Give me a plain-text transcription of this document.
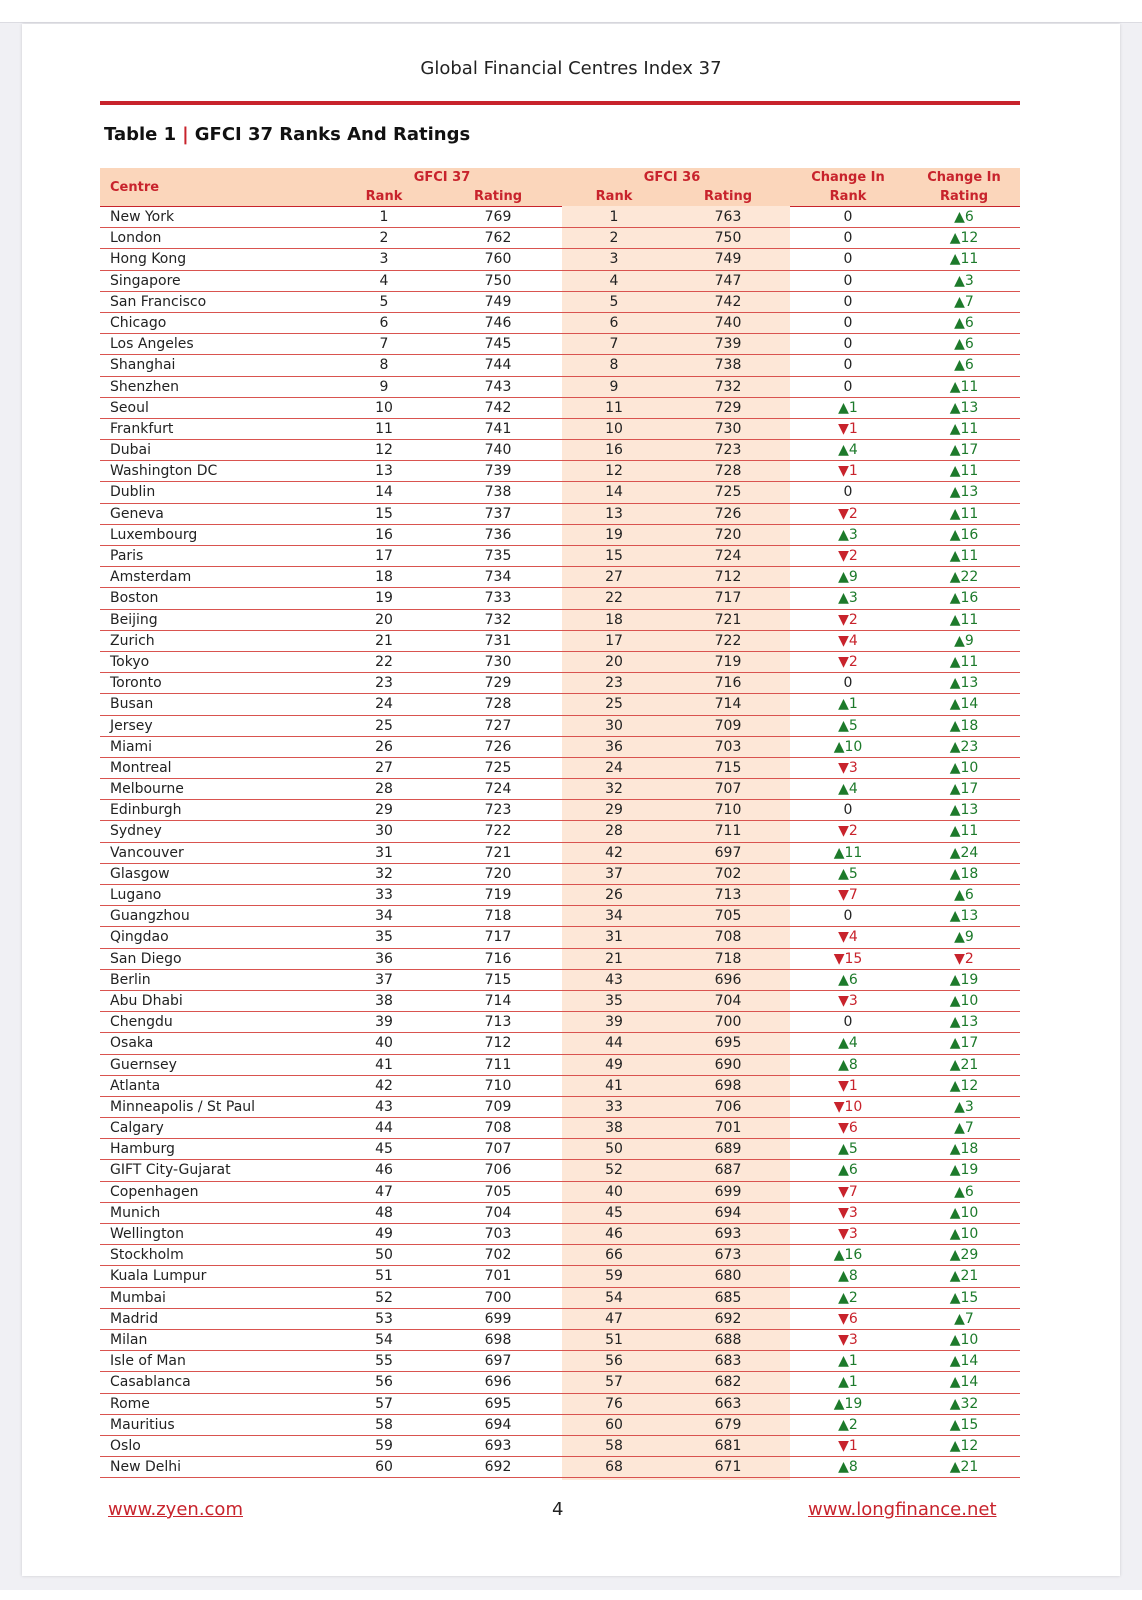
Global Financial Centres Index 37
Table 1 | GFCI 37 Ranks And Ratings
Centre
GFCI 37	GFCI 36	Change In	Change In
Rank	Rating	Rank	Rating	Rank	Rating
New York	1	769	1	763	0	▲6
London	2	762	2	750	0	▲12
Hong Kong	3	760	3	749	0	▲11
Singapore	4	750	4	747	0	▲3
San Francisco	5	749	5	742	0	▲7
Chicago	6	746	6	740	0	▲6
Los Angeles	7	745	7	739	0	▲6
Shanghai	8	744	8	738	0	▲6
Shenzhen	9	743	9	732	0	▲11
Seoul	10	742	11	729	▲1	▲13
Frankfurt	11	741	10	730	▼1	▲11
Dubai	12	740	16	723	▲4	▲17
Washington DC	13	739	12	728	▼1	▲11
Dublin	14	738	14	725	0	▲13
Geneva	15	737	13	726	▼2	▲11
Luxembourg	16	736	19	720	▲3	▲16
Paris	17	735	15	724	▼2	▲11
Amsterdam	18	734	27	712	▲9	▲22
Boston	19	733	22	717	▲3	▲16
Beijing	20	732	18	721	▼2	▲11
Zurich	21	731	17	722	▼4	▲9
Tokyo	22	730	20	719	▼2	▲11
Toronto	23	729	23	716	0	▲13
Busan	24	728	25	714	▲1	▲14
Jersey	25	727	30	709	▲5	▲18
Miami	26	726	36	703	▲10	▲23
Montreal	27	725	24	715	▼3	▲10
Melbourne	28	724	32	707	▲4	▲17
Edinburgh	29	723	29	710	0	▲13
Sydney	30	722	28	711	▼2	▲11
Vancouver	31	721	42	697	▲11	▲24
Glasgow	32	720	37	702	▲5	▲18
Lugano	33	719	26	713	▼7	▲6
Guangzhou	34	718	34	705	0	▲13
Qingdao	35	717	31	708	▼4	▲9
San Diego	36	716	21	718	▼15	▼2
Berlin	37	715	43	696	▲6	▲19
Abu Dhabi	38	714	35	704	▼3	▲10
Chengdu	39	713	39	700	0	▲13
Osaka	40	712	44	695	▲4	▲17
Guernsey	41	711	49	690	▲8	▲21
Atlanta	42	710	41	698	▼1	▲12
Minneapolis / St Paul	43	709	33	706	▼10	▲3
Calgary	44	708	38	701	▼6	▲7
Hamburg	45	707	50	689	▲5	▲18
GIFT City-Gujarat	46	706	52	687	▲6	▲19
Copenhagen	47	705	40	699	▼7	▲6
Munich	48	704	45	694	▼3	▲10
Wellington	49	703	46	693	▼3	▲10
Stockholm	50	702	66	673	▲16	▲29
Kuala Lumpur	51	701	59	680	▲8	▲21
Mumbai	52	700	54	685	▲2	▲15
Madrid	53	699	47	692	▼6	▲7
Milan	54	698	51	688	▼3	▲10
Isle of Man	55	697	56	683	▲1	▲14
Casablanca	56	696	57	682	▲1	▲14
Rome	57	695	76	663	▲19	▲32
Mauritius	58	694	60	679	▲2	▲15
Oslo	59	693	58	681	▼1	▲12
New Delhi	60	692	68	671	▲8	▲21
www.zyen.com	4	www.longfinance.net
